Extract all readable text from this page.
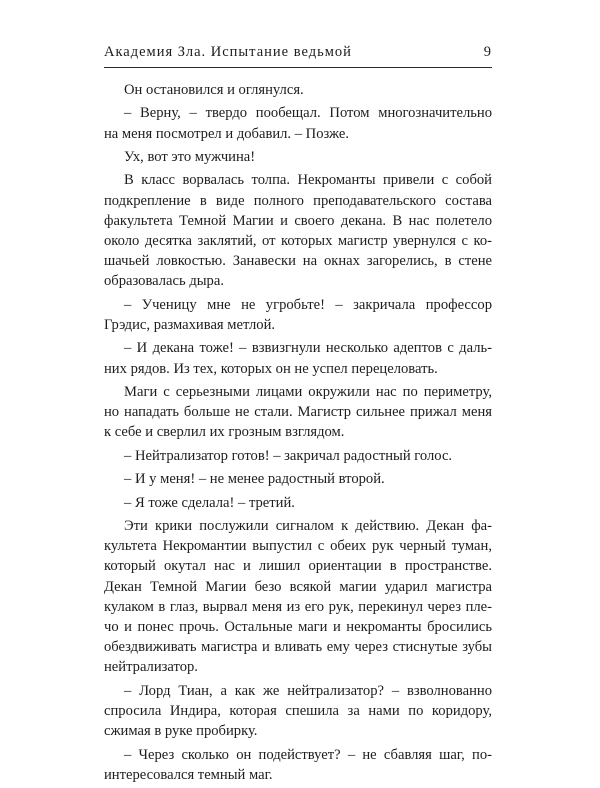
Академия Зла. Испытание ведьмой	9
Он остановился и оглянулся.
– Верну, – твердо пообещал. Потом многозначительно
на меня посмотрел и добавил. – Позже.
Ух, вот это мужчина!
В класс ворвалась толпа. Некроманты привели с собой
подкрепление в виде полного преподавательского состава
факультета Темной Магии и своего декана. В нас полетело
около десятка заклятий, от которых магистр увернулся с ко-
шачьей ловкостью. Занавески на окнах загорелись, в стене
образовалась дыра.
– Ученицу мне не угробьте! – закричала профессор
Грэдис, размахивая метлой.
– И декана тоже! – взвизгнули несколько адептов с даль-
них рядов. Из тех, которых он не успел перецеловать.
Маги с серьезными лицами окружили нас по периметру,
но нападать больше не стали. Магистр сильнее прижал меня
к себе и сверлил их грозным взглядом.
– Нейтрализатор готов! – закричал радостный голос.
– И у меня! – не менее радостный второй.
– Я тоже сделала! – третий.
Эти крики послужили сигналом к действию. Декан фа-
культета Некромантии выпустил с обеих рук черный туман,
который окутал нас и лишил ориентации в пространстве.
Декан Темной Магии безо всякой магии ударил магистра
кулаком в глаз, вырвал меня из его рук, перекинул через пле-
чо и понес прочь. Остальные маги и некроманты бросились
обездвиживать магистра и вливать ему через стиснутые зубы
нейтрализатор.
– Лорд Тиан, а как же нейтрализатор? – взволнованно
спросила Индира, которая спешила за нами по коридору,
сжимая в руке пробирку.
– Через сколько он подействует? – не сбавляя шаг, по-
интересовался темный маг.
